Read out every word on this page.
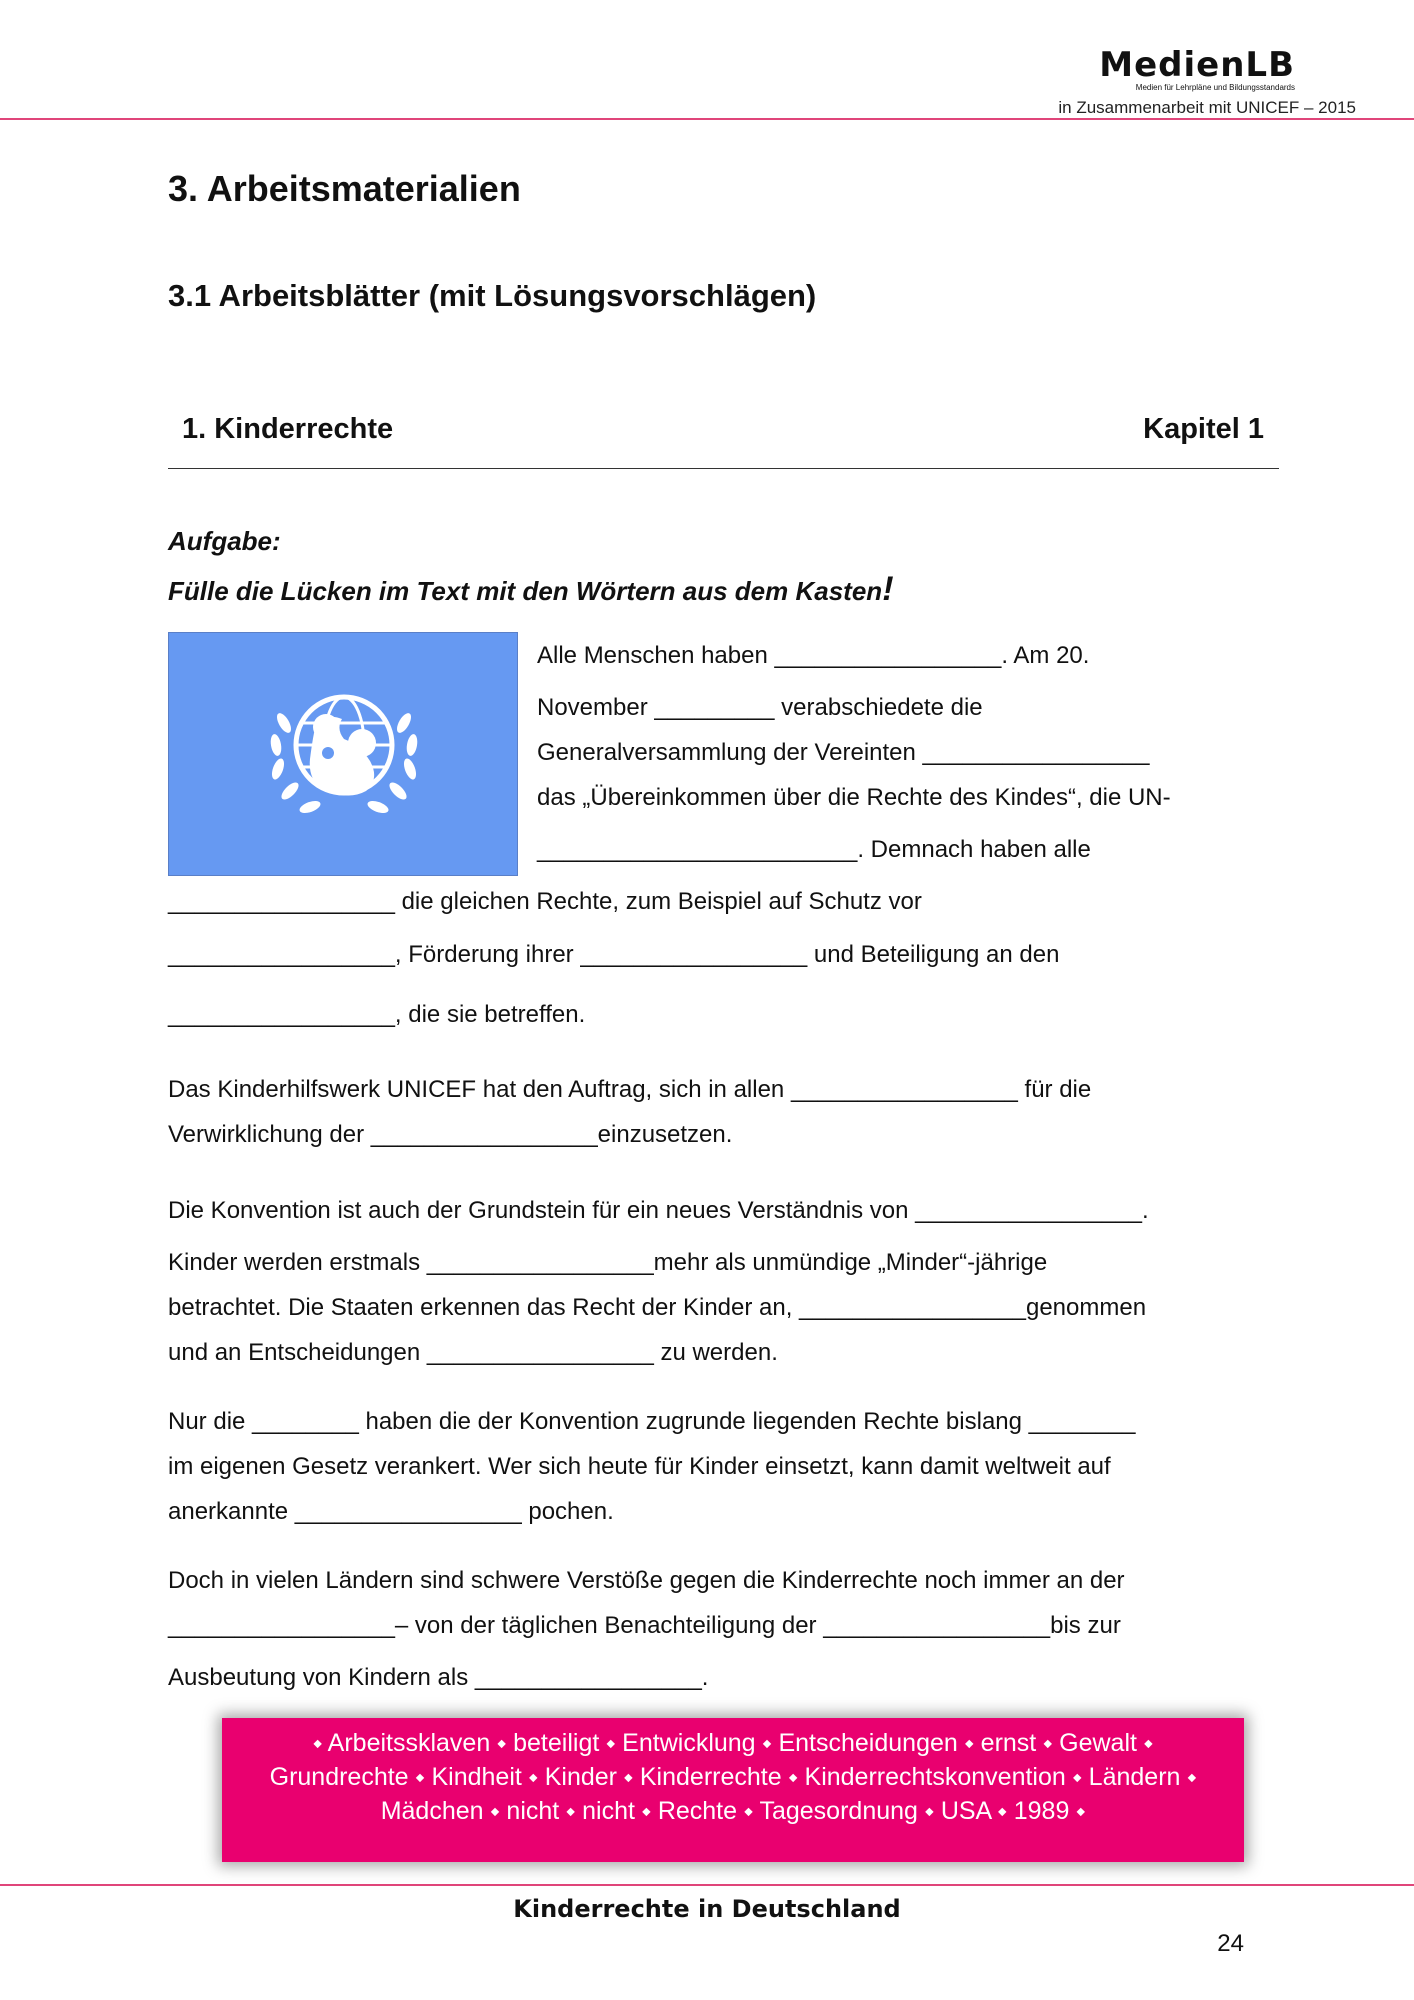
MedienLB
Medien für Lehrpläne und Bildungsstandards
in Zusammenarbeit mit UNICEF – 2015
3. Arbeitsmaterialien
3.1 Arbeitsblätter (mit Lösungsvorschlägen)
1. Kinderrechte	Kapitel 1
Aufgabe:
Fülle die Lücken im Text mit den Wörtern aus dem Kasten!
Alle Menschen haben _________________. Am 20.
November _________ verabschiedete die
Generalversammlung der Vereinten _________________
das „Übereinkommen über die Rechte des Kindes“, die UN-
________________________. Demnach haben alle
_________________ die gleichen Rechte, zum Beispiel auf Schutz vor
_________________, Förderung ihrer _________________ und Beteiligung an den
_________________, die sie betreffen.
Das Kinderhilfswerk UNICEF hat den Auftrag, sich in allen _________________ für die
Verwirklichung der _________________einzusetzen.
Die Konvention ist auch der Grundstein für ein neues Verständnis von _________________.
Kinder werden erstmals _________________mehr als unmündige „Minder“-jährige
betrachtet. Die Staaten erkennen das Recht der Kinder an, _________________genommen
und an Entscheidungen _________________ zu werden.
Nur die ________ haben die der Konvention zugrunde liegenden Rechte bislang ________
im eigenen Gesetz verankert. Wer sich heute für Kinder einsetzt, kann damit weltweit auf
anerkannte _________________ pochen.
Doch in vielen Ländern sind schwere Verstöße gegen die Kinderrechte noch immer an der
_________________– von der täglichen Benachteiligung der _________________bis zur
Ausbeutung von Kindern als _________________.
⬩ Arbeitssklaven ⬩ beteiligt ⬩ Entwicklung ⬩ Entscheidungen ⬩ ernst ⬩ Gewalt ⬩
Grundrechte ⬩ Kindheit ⬩ Kinder ⬩ Kinderrechte ⬩ Kinderrechtskonvention ⬩ Ländern ⬩
Mädchen ⬩ nicht ⬩ nicht ⬩ Rechte ⬩ Tagesordnung ⬩ USA ⬩ 1989 ⬩
Kinderrechte in Deutschland
24
